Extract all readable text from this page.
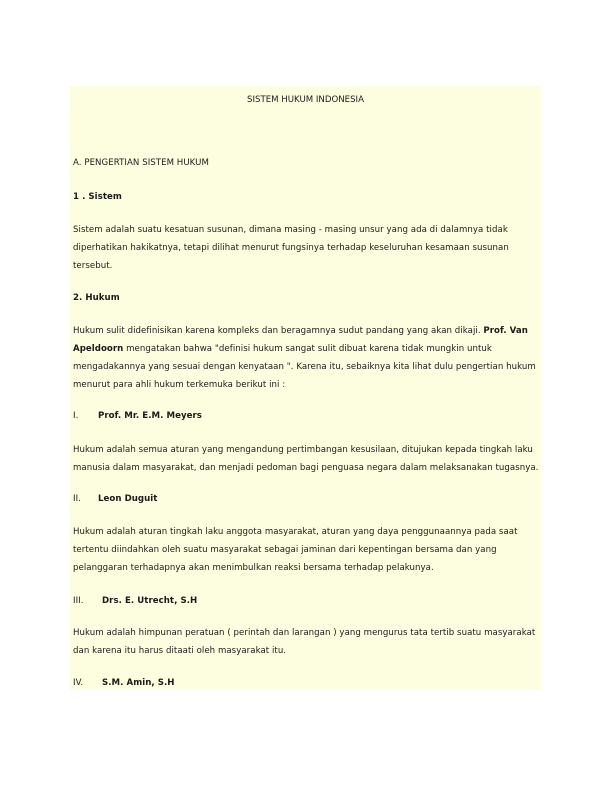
SISTEM HUKUM INDONESIA
A. PENGERTIAN SISTEM HUKUM
1 . Sistem
Sistem adalah suatu kesatuan susunan, dimana masing - masing unsur yang ada di dalamnya tidak
diperhatikan hakikatnya, tetapi dilihat menurut fungsinya terhadap keseluruhan kesamaan susunan
tersebut.
2. Hukum
Hukum sulit didefinisikan karena kompleks dan beragamnya sudut pandang yang akan dikaji. Prof. Van
Apeldoorn mengatakan bahwa "definisi hukum sangat sulit dibuat karena tidak mungkin untuk
mengadakannya yang sesuai dengan kenyataan ". Karena itu, sebaiknya kita lihat dulu pengertian hukum
menurut para ahli hukum terkemuka berikut ini :
I. Prof. Mr. E.M. Meyers
Hukum adalah semua aturan yang mengandung pertimbangan kesusilaan, ditujukan kepada tingkah laku
manusia dalam masyarakat, dan menjadi pedoman bagi penguasa negara dalam melaksanakan tugasnya.
II. Leon Duguit
Hukum adalah aturan tingkah laku anggota masyarakat, aturan yang daya penggunaannya pada saat
tertentu diindahkan oleh suatu masyarakat sebagai jaminan dari kepentingan bersama dan yang
pelanggaran terhadapnya akan menimbulkan reaksi bersama terhadap pelakunya.
III. Drs. E. Utrecht, S.H
Hukum adalah himpunan peratuan ( perintah dan larangan ) yang mengurus tata tertib suatu masyarakat
dan karena itu harus ditaati oleh masyarakat itu.
IV. S.M. Amin, S.H
